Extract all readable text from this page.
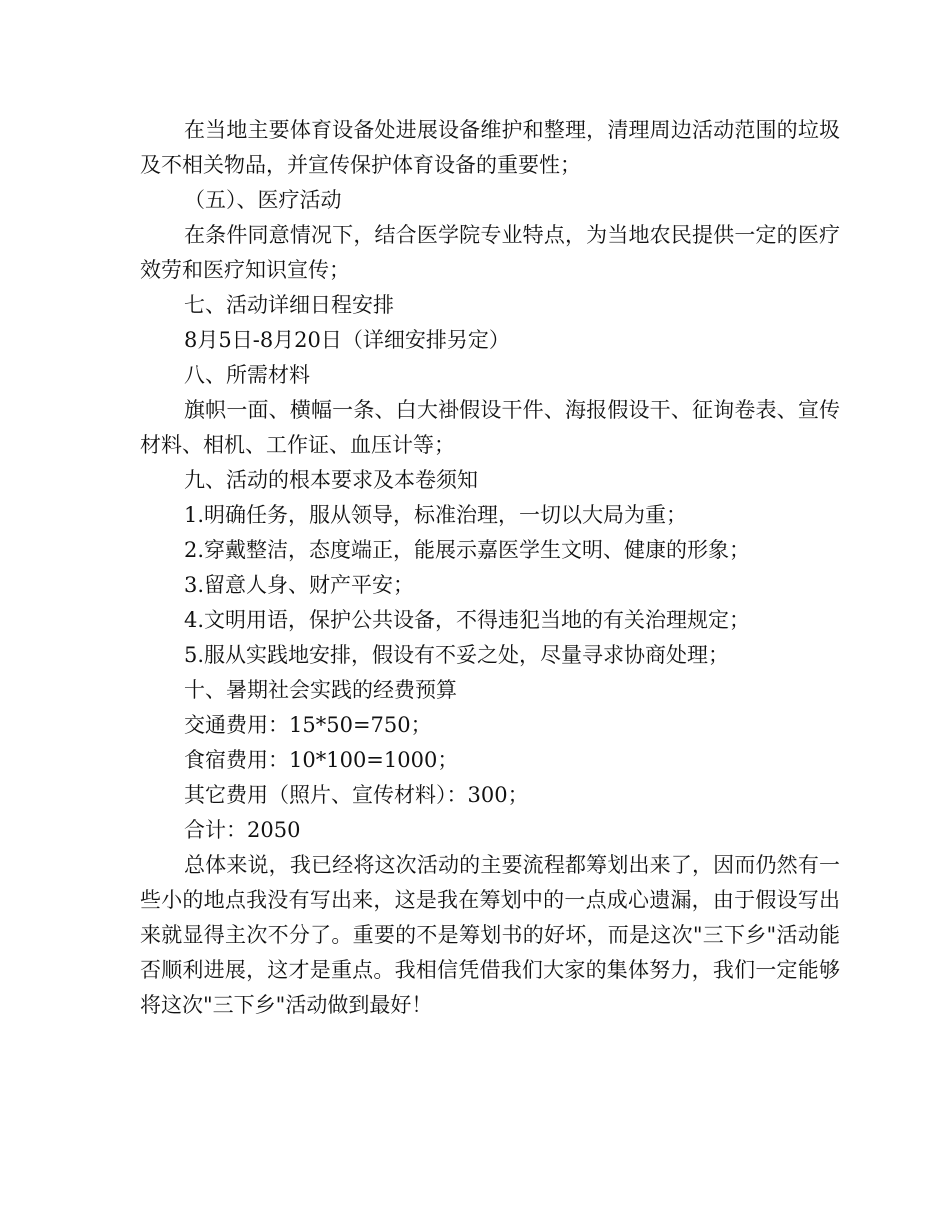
在当地主要体育设备处进展设备维护和整理，清理周边活动范围的垃圾及不相关物品，并宣传保护体育设备的重要性；

（五）、医疗活动

在条件同意情况下，结合医学院专业特点，为当地农民提供一定的医疗效劳和医疗知识宣传；

七、活动详细日程安排

8月5日-8月20日（详细安排另定）

八、所需材料

旗帜一面、横幅一条、白大褂假设干件、海报假设干、征询卷表、宣传材料、相机、工作证、血压计等；

九、活动的根本要求及本卷须知

1.明确任务，服从领导，标准治理，一切以大局为重；

2.穿戴整洁，态度端正，能展示嘉医学生文明、健康的形象；

3.留意人身、财产平安；

4.文明用语，保护公共设备，不得违犯当地的有关治理规定；

5.服从实践地安排，假设有不妥之处，尽量寻求协商处理；

十、暑期社会实践的经费预算

交通费用：15*50=750；

食宿费用：10*100=1000；

其它费用（照片、宣传材料）：300；

合计：2050

总体来说，我已经将这次活动的主要流程都筹划出来了，因而仍然有一些小的地点我没有写出来，这是我在筹划中的一点成心遗漏，由于假设写出来就显得主次不分了。重要的不是筹划书的好坏，而是这次"三下乡"活动能否顺利进展，这才是重点。我相信凭借我们大家的集体努力，我们一定能够将这次"三下乡"活动做到最好！
